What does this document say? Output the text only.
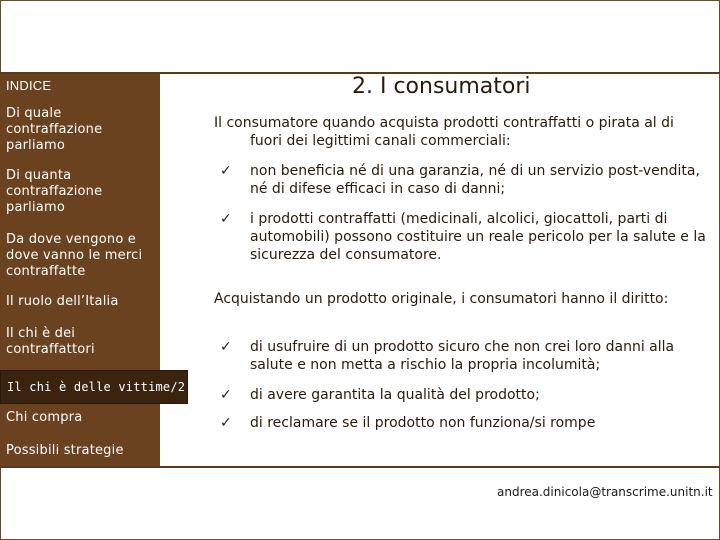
INDICE
Di quale contraffazione parliamo
Di quanta contraffazione parliamo
Da dove vengono e dove vanno le merci contraffatte
Il ruolo dell’Italia
Il chi è dei contraffattori
Il chi è delle vittime/2
Chi compra
Possibili strategie
2. I consumatori
Il consumatore quando acquista prodotti contraffatti o pirata al di fuori dei legittimi canali commerciali:
✓ non beneficia né di una garanzia, né di un servizio post-vendita, né di difese efficaci in caso di danni;
✓ i prodotti contraffatti (medicinali, alcolici, giocattoli, parti di automobili) possono costituire un reale pericolo per la salute e la sicurezza del consumatore.
Acquistando un prodotto originale, i consumatori hanno il diritto:
✓ di usufruire di un prodotto sicuro che non crei loro danni alla salute e non metta a rischio la propria incolumità;
✓ di avere garantita la qualità del prodotto;
✓ di reclamare se il prodotto non funziona/si rompe
andrea.dinicola@transcrime.unitn.it
